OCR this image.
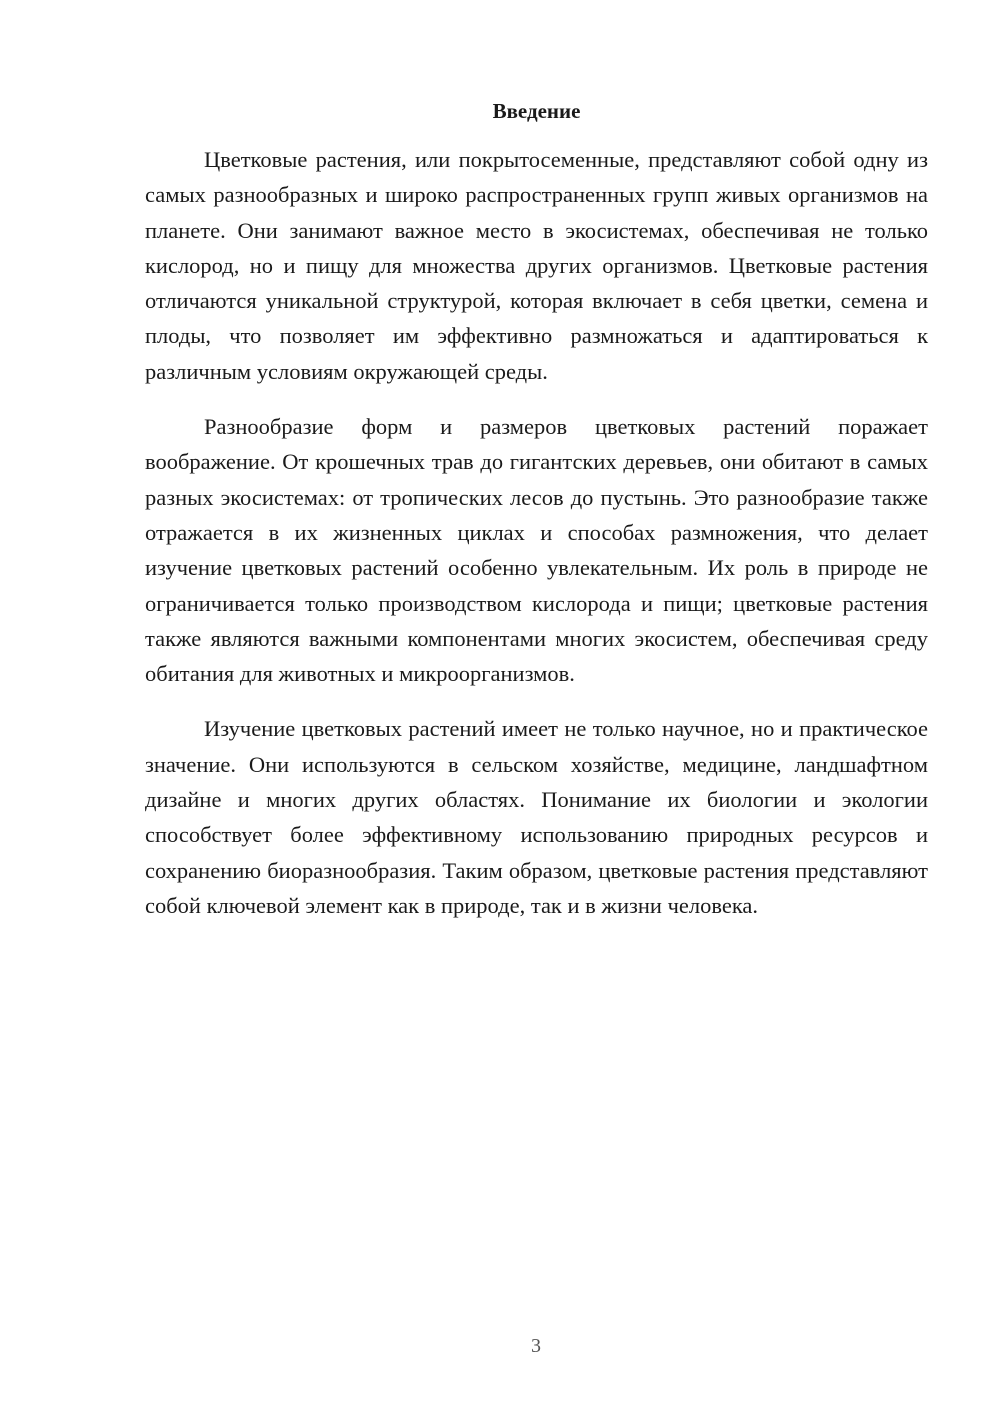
Введение

Цветковые растения, или покрытосеменные, представляют собой одну из самых разнообразных и широко распространенных групп живых организмов на планете. Они занимают важное место в экосистемах, обеспечивая не только кислород, но и пищу для множества других организмов. Цветковые растения отличаются уникальной структурой, которая включает в себя цветки, семена и плоды, что позволяет им эффективно размножаться и адаптироваться к различным условиям окружающей среды.

Разнообразие форм и размеров цветковых растений поражает воображение. От крошечных трав до гигантских деревьев, они обитают в самых разных экосистемах: от тропических лесов до пустынь. Это разнообразие также отражается в их жизненных циклах и способах размножения, что делает изучение цветковых растений особенно увлекательным. Их роль в природе не ограничивается только производством кислорода и пищи; цветковые растения также являются важными компонентами многих экосистем, обеспечивая среду обитания для животных и микроорганизмов.

Изучение цветковых растений имеет не только научное, но и практическое значение. Они используются в сельском хозяйстве, медицине, ландшафтном дизайне и многих других областях. Понимание их биологии и экологии способствует более эффективному использованию природных ресурсов и сохранению биоразнообразия. Таким образом, цветковые растения представляют собой ключевой элемент как в природе, так и в жизни человека.

3
